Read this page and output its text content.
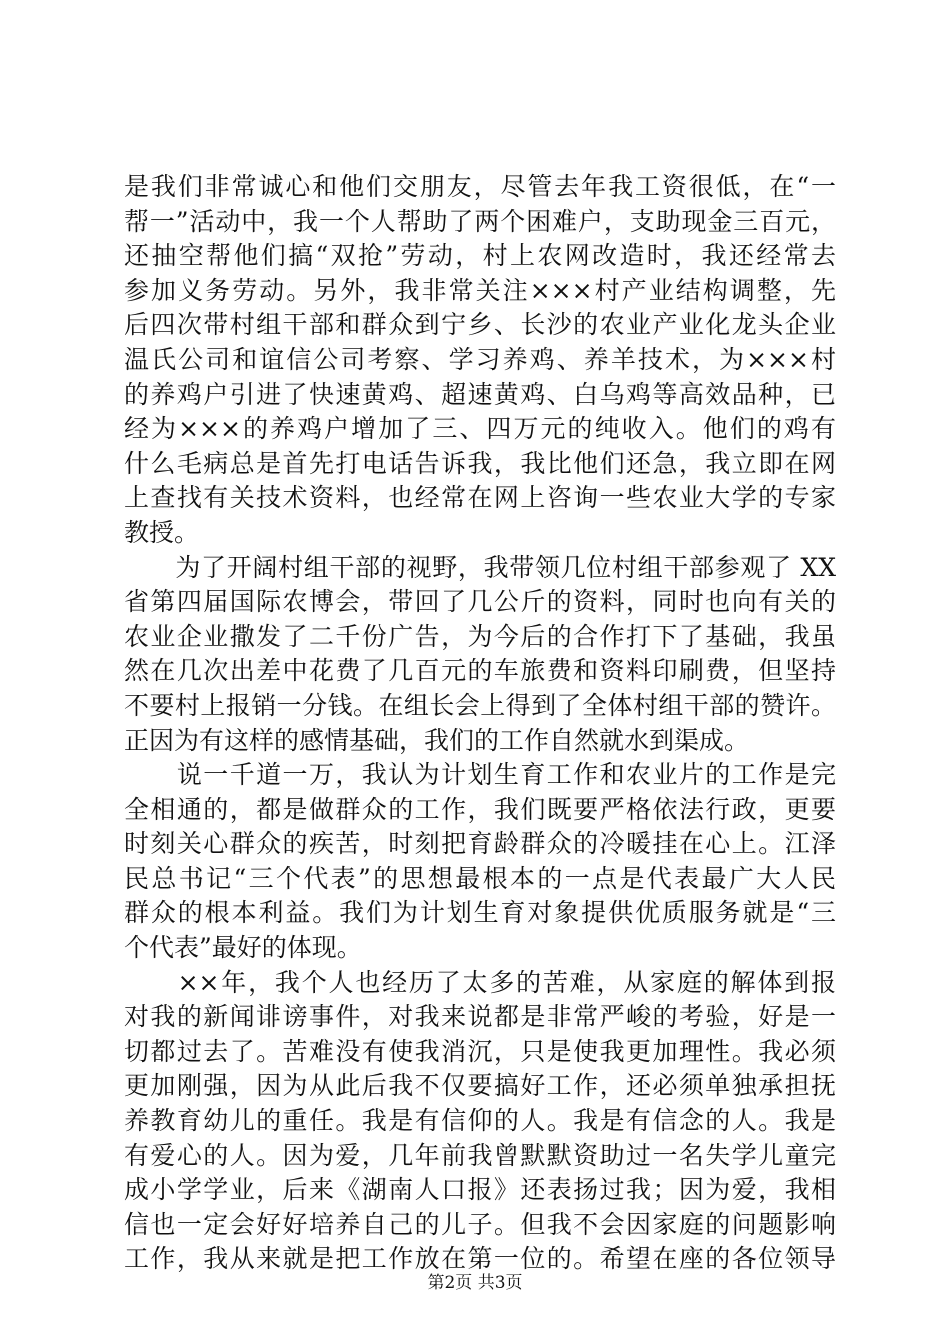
是我们非常诚心和他们交朋友，尽管去年我工资很低，在“一
帮一”活动中，我一个人帮助了两个困难户，支助现金三百元，
还抽空帮他们搞“双抢”劳动，村上农网改造时，我还经常去
参加义务劳动。另外，我非常关注×××村产业结构调整，先
后四次带村组干部和群众到宁乡、长沙的农业产业化龙头企业
温氏公司和谊信公司考察、学习养鸡、养羊技术，为×××村
的养鸡户引进了快速黄鸡、超速黄鸡、白乌鸡等高效品种，已
经为×××的养鸡户增加了三、四万元的纯收入。他们的鸡有
什么毛病总是首先打电话告诉我，我比他们还急，我立即在网
上查找有关技术资料，也经常在网上咨询一些农业大学的专家
教授。
　　为了开阔村组干部的视野，我带领几位村组干部参观了 XX
省第四届国际农博会，带回了几公斤的资料，同时也向有关的
农业企业撒发了二千份广告，为今后的合作打下了基础，我虽
然在几次出差中花费了几百元的车旅费和资料印刷费，但坚持
不要村上报销一分钱。在组长会上得到了全体村组干部的赞许。
正因为有这样的感情基础，我们的工作自然就水到渠成。
　　说一千道一万，我认为计划生育工作和农业片的工作是完
全相通的，都是做群众的工作，我们既要严格依法行政，更要
时刻关心群众的疾苦，时刻把育龄群众的冷暖挂在心上。江泽
民总书记“三个代表”的思想最根本的一点是代表最广大人民
群众的根本利益。我们为计划生育对象提供优质服务就是“三
个代表”最好的体现。
　　××年，我个人也经历了太多的苦难，从家庭的解体到报
对我的新闻诽谤事件，对我来说都是非常严峻的考验，好是一
切都过去了。苦难没有使我消沉，只是使我更加理性。我必须
更加刚强，因为从此后我不仅要搞好工作，还必须单独承担抚
养教育幼儿的重任。我是有信仰的人。我是有信念的人。我是
有爱心的人。因为爱，几年前我曾默默资助过一名失学儿童完
成小学学业，后来《湖南人口报》还表扬过我；因为爱，我相
信也一定会好好培养自己的儿子。但我不会因家庭的问题影响
工作，我从来就是把工作放在第一位的。希望在座的各位领导
第2页 共3页
